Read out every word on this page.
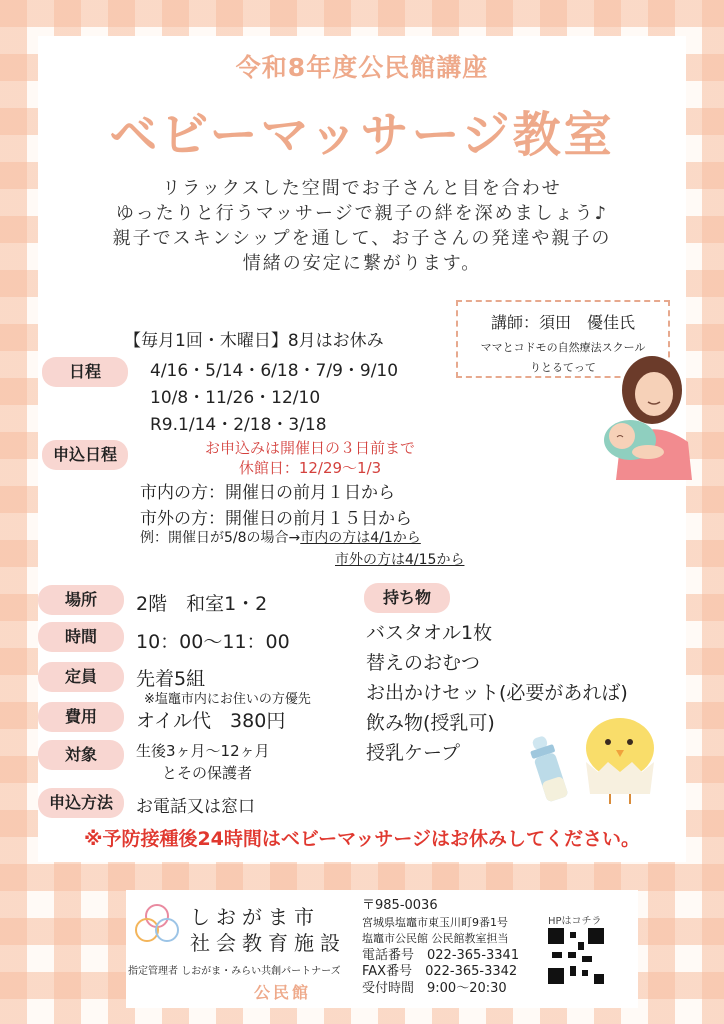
令和8年度公民館講座
ベビーマッサージ教室
リラックスした空間でお子さんと目を合わせ
ゆったりと行うマッサージで親子の絆を深めましょう♪
親子でスキンシップを通して、お子さんの発達や親子の
情緒の安定に繋がります。
講師：須田　優佳氏
ママとコドモの自然療法スクール
りとるてって
【毎月1回・木曜日】8月はお休み
日程	4/16・5/14・6/18・7/9・9/10
10/8・11/26・12/10
R9.1/14・2/18・3/18
申込日程	お申込みは開催日の３日前まで
休館日：12/29～1/3
市内の方：開催日の前月１日から
市外の方：開催日の前月１５日から
例：開催日が5/8の場合→市内の方は4/1から
市外の方は4/15から
場所	2階　和室1・2
時間	10：00～11：00
定員	先着5組
※塩竈市内にお住いの方優先
費用	オイル代　380円
対象	生後3ヶ月～12ヶ月
とその保護者
申込方法	お電話又は窓口
持ち物
バスタオル1枚
替えのおむつ
お出かけセット(必要があれば)
飲み物(授乳可)
授乳ケープ
※予防接種後24時間はベビーマッサージはお休みしてください。
しおがま市
社会教育施設
指定管理者 しおがま・みらい共創パートナーズ
公民館
〒985-0036
宮城県塩竈市東玉川町9番1号
塩竈市公民館 公民館教室担当
電話番号　022-365-3341
FAX番号　022-365-3342
受付時間　9:00～20:30
HPはコチラ
